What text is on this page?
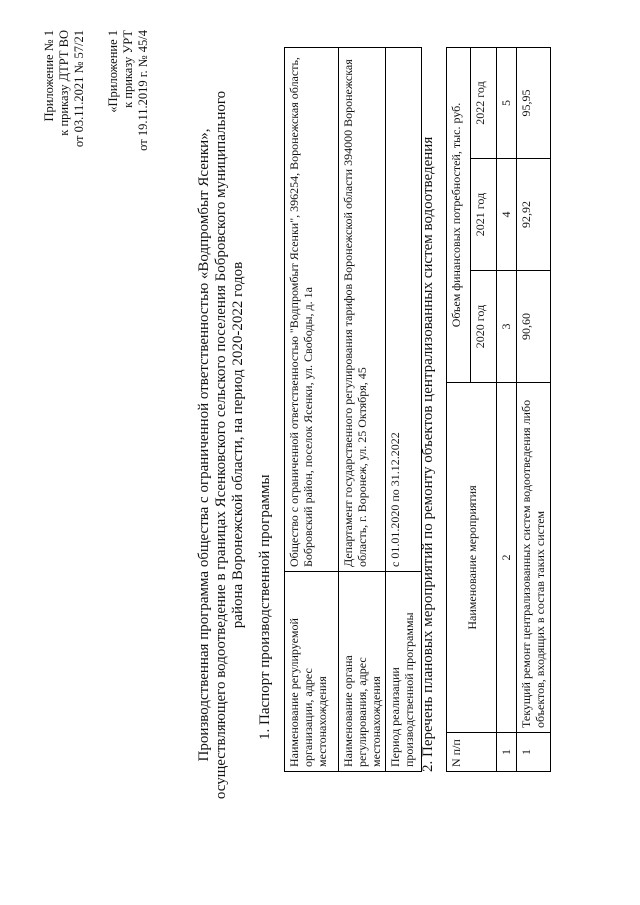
Приложение № 1 к приказу ДТРТ ВО от 03.11.2021 № 57/21 «Приложение 1 к приказу УРТ от 19.11.2019 г. № 45/4
Производственная программа общества с ограниченной ответственностью «Водпромбыт Ясенки», осуществляющего водоотведение в границах Ясенковского сельского поселения Бобровского муниципального района Воронежской области, на период 2020-2022 годов 1. Паспорт производственной программы Наименование регулируемой организации, адрес местонахождения	Общество с ограниченной ответственностью "Водпромбыт Ясенки", 396254, Воронежская область, Бобровский район, поселок Ясенки, ул. Свободы, д. 1а
Наименование органа регулирования, адрес местонахождения	Департамент государственного регулирования тарифов Воронежской области 394000 Воронежская область, г. Воронеж, ул. 25 Октября, 45
Период реализации производственной программы	с 01.01.2020 по 31.12.2022 2. Перечень плановых мероприятий по ремонту объектов централизованных систем водоотведения N п/п	Наименование мероприятия	Объем финансовых потребностей, тыс. руб.		
		2020 год	2021 год	2022 год
1	2	3	4	5
1	Текущий ремонт централизованных систем водоотведения либо объектов, входящих в состав таких систем	90,60	92,92	95,95
